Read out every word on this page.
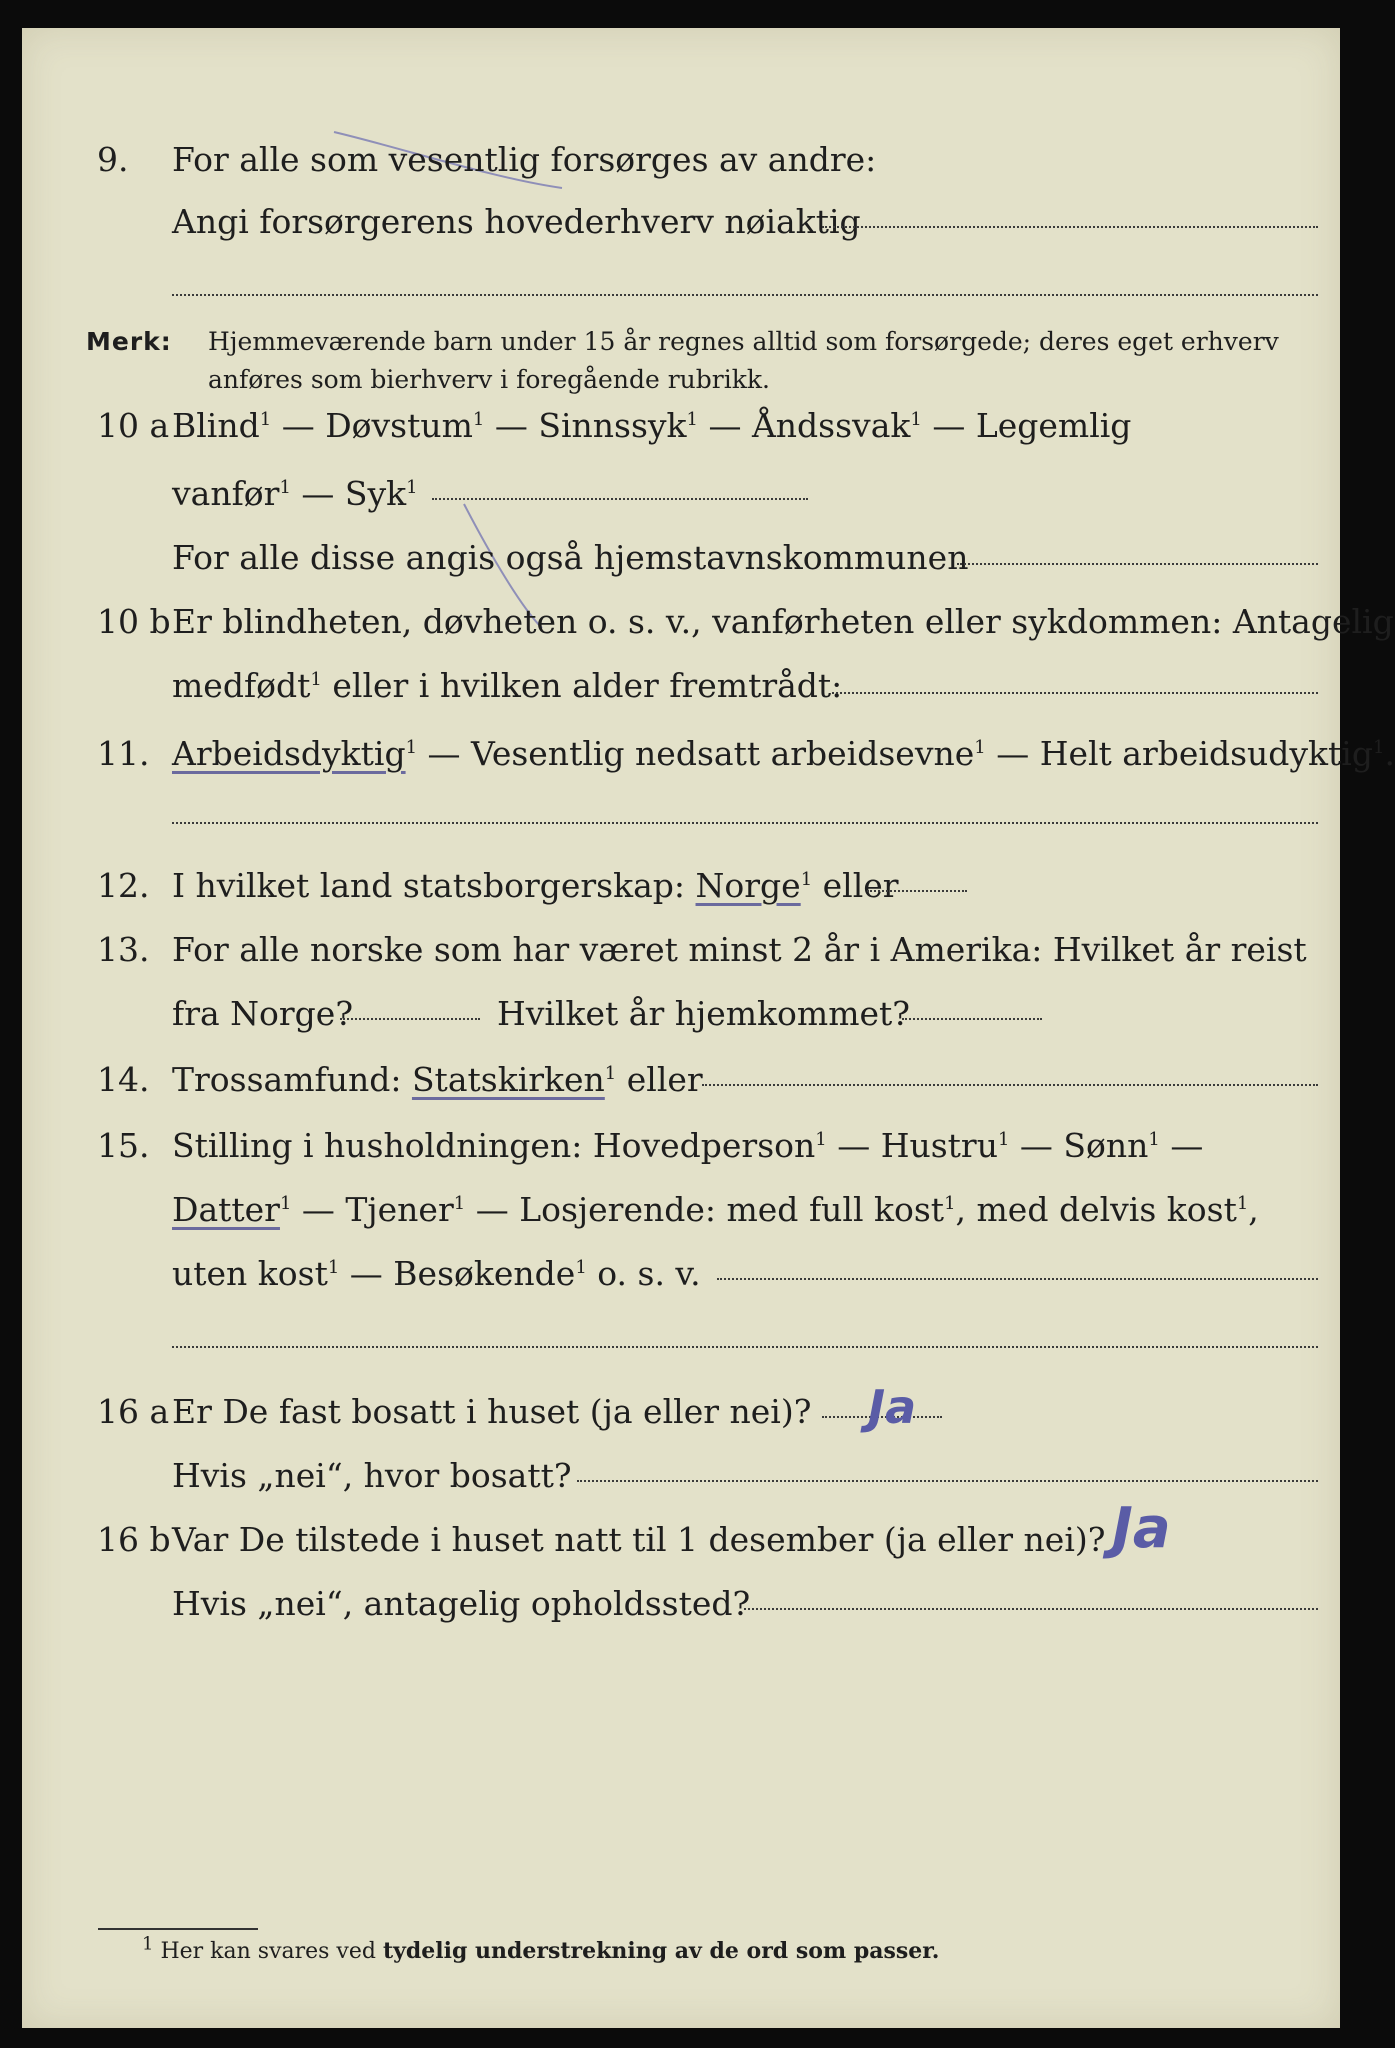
9. For alle som vesentlig forsørges av andre:
Angi forsørgerens hovederhverv nøiaktig
Merk: Hjemmeværende barn under 15 år regnes alltid som forsørgede; deres eget erhverv
anføres som bierhverv i foregående rubrikk.
10 a Blind$^1$ — Døvstum$^1$ — Sinnssyk$^1$ — Åndssvak$^1$ — Legemlig
vanfør$^1$ — Syk$^1$
For alle disse angis også hjemstavnskommunen
10 b Er blindheten, døvheten o. s. v., vanførheten eller sykdommen: Antagelig
medfødt$^1$ eller i hvilken alder fremtrådt:
11. Arbeidsdyktig$^1$ — Vesentlig nedsatt arbeidsevne$^1$ — Helt arbeidsudyktig$^1$.
12. I hvilket land statsborgerskap: Norge$^1$ eller
13. For alle norske som har været minst 2 år i Amerika: Hvilket år reist
fra Norge?	Hvilket år hjemkommet?
14. Trossamfund: Statskirken$^1$ eller
15. Stilling i husholdningen: Hovedperson$^1$ — Hustru$^1$ — Sønn$^1$ —
Datter$^1$ — Tjener$^1$ — Losjerende: med full kost$^1$, med delvis kost$^1$,
uten kost$^1$ — Besøkende$^1$ o. s. v.
16 a Er De fast bosatt i huset (ja eller nei)? Ja
Hvis „nei“, hvor bosatt?
16 b Var De tilstede i huset natt til 1 desember (ja eller nei)? Ja
Hvis „nei“, antagelig opholdssted?
$^1$ Her kan svares ved tydelig understrekning av de ord som passer.
